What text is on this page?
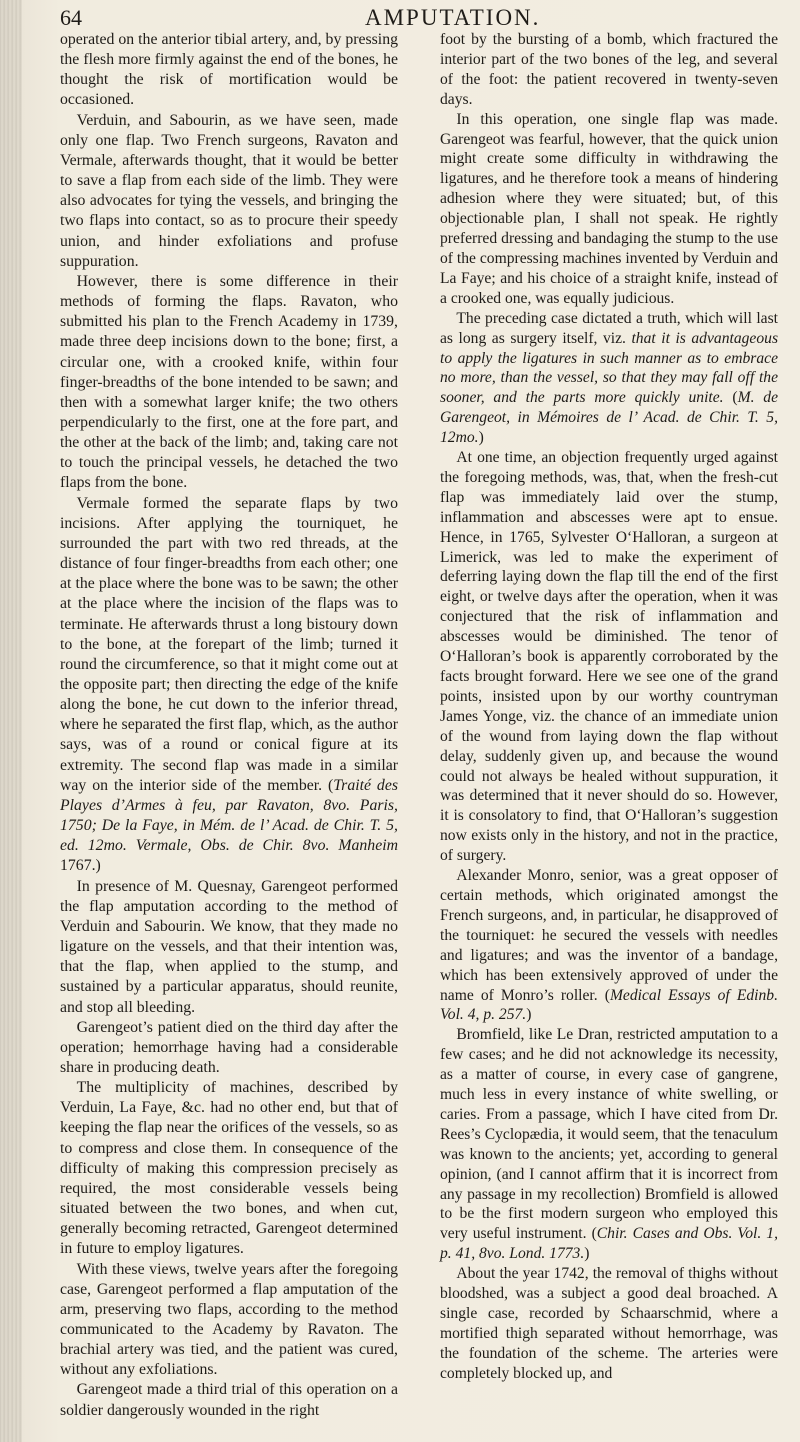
64	AMPUTATION.

operated on the anterior tibial artery, and, by pressing the flesh more firmly against the end of the bones, he thought the risk of mortification would be occasioned.

Verduin, and Sabourin, as we have seen, made only one flap. Two French surgeons, Ravaton and Vermale, afterwards thought, that it would be better to save a flap from each side of the limb. They were also advocates for tying the vessels, and bringing the two flaps into contact, so as to procure their speedy union, and hinder exfoliations and profuse suppuration.

However, there is some difference in their methods of forming the flaps. Ravaton, who submitted his plan to the French Academy in 1739, made three deep incisions down to the bone; first, a circular one, with a crooked knife, within four finger-breadths of the bone intended to be sawn; and then with a somewhat larger knife; the two others perpendicularly to the first, one at the fore part, and the other at the back of the limb; and, taking care not to touch the principal vessels, he detached the two flaps from the bone.

Vermale formed the separate flaps by two incisions. After applying the tourniquet, he surrounded the part with two red threads, at the distance of four finger-breadths from each other; one at the place where the bone was to be sawn; the other at the place where the incision of the flaps was to terminate. He afterwards thrust a long bistoury down to the bone, at the forepart of the limb; turned it round the circumference, so that it might come out at the opposite part; then directing the edge of the knife along the bone, he cut down to the inferior thread, where he separated the first flap, which, as the author says, was of a round or conical figure at its extremity. The second flap was made in a similar way on the interior side of the member. (Traité des Playes d’Armes à feu, par Ravaton, 8vo. Paris, 1750; De la Faye, in Mém. de l’ Acad. de Chir. T. 5, ed. 12mo. Vermale, Obs. de Chir. 8vo. Manheim 1767.)

In presence of M. Quesnay, Garengeot performed the flap amputation according to the method of Verduin and Sabourin. We know, that they made no ligature on the vessels, and that their intention was, that the flap, when applied to the stump, and sustained by a particular apparatus, should reunite, and stop all bleeding.

Garengeot’s patient died on the third day after the operation; hemorrhage having had a considerable share in producing death.

The multiplicity of machines, described by Verduin, La Faye, &c. had no other end, but that of keeping the flap near the orifices of the vessels, so as to compress and close them. In consequence of the difficulty of making this compression precisely as required, the most considerable vessels being situated between the two bones, and when cut, generally becoming retracted, Garengeot determined in future to employ ligatures.

With these views, twelve years after the foregoing case, Garengeot performed a flap amputation of the arm, preserving two flaps, according to the method communicated to the Academy by Ravaton. The brachial artery was tied, and the patient was cured, without any exfoliations.

Garengeot made a third trial of this operation on a soldier dangerously wounded in the right

foot by the bursting of a bomb, which fractured the interior part of the two bones of the leg, and several of the foot: the patient recovered in twenty-seven days.

In this operation, one single flap was made. Garengeot was fearful, however, that the quick union might create some difficulty in withdrawing the ligatures, and he therefore took a means of hindering adhesion where they were situated; but, of this objectionable plan, I shall not speak. He rightly preferred dressing and bandaging the stump to the use of the compressing machines invented by Verduin and La Faye; and his choice of a straight knife, instead of a crooked one, was equally judicious.

The preceding case dictated a truth, which will last as long as surgery itself, viz. that it is advantageous to apply the ligatures in such manner as to embrace no more, than the vessel, so that they may fall off the sooner, and the parts more quickly unite. (M. de Garengeot, in Mémoires de l’ Acad. de Chir. T. 5, 12mo.)

At one time, an objection frequently urged against the foregoing methods, was, that, when the fresh-cut flap was immediately laid over the stump, inflammation and abscesses were apt to ensue. Hence, in 1765, Sylvester O‘Halloran, a surgeon at Limerick, was led to make the experiment of deferring laying down the flap till the end of the first eight, or twelve days after the operation, when it was conjectured that the risk of inflammation and abscesses would be diminished. The tenor of O‘Halloran’s book is apparently corroborated by the facts brought forward. Here we see one of the grand points, insisted upon by our worthy countryman James Yonge, viz. the chance of an immediate union of the wound from laying down the flap without delay, suddenly given up, and because the wound could not always be healed without suppuration, it was determined that it never should do so. However, it is consolatory to find, that O‘Halloran’s suggestion now exists only in the history, and not in the practice, of surgery.

Alexander Monro, senior, was a great opposer of certain methods, which originated amongst the French surgeons, and, in particular, he disapproved of the tourniquet: he secured the vessels with needles and ligatures; and was the inventor of a bandage, which has been extensively approved of under the name of Monro’s roller. (Medical Essays of Edinb. Vol. 4, p. 257.)

Bromfield, like Le Dran, restricted amputation to a few cases; and he did not acknowledge its necessity, as a matter of course, in every case of gangrene, much less in every instance of white swelling, or caries. From a passage, which I have cited from Dr. Rees’s Cyclopædia, it would seem, that the tenaculum was known to the ancients; yet, according to general opinion, (and I cannot affirm that it is incorrect from any passage in my recollection) Bromfield is allowed to be the first modern surgeon who employed this very useful instrument. (Chir. Cases and Obs. Vol. 1, p. 41, 8vo. Lond. 1773.)

About the year 1742, the removal of thighs without bloodshed, was a subject a good deal broached. A single case, recorded by Schaarschmid, where a mortified thigh separated without hemorrhage, was the foundation of the scheme. The arteries were completely blocked up, and
